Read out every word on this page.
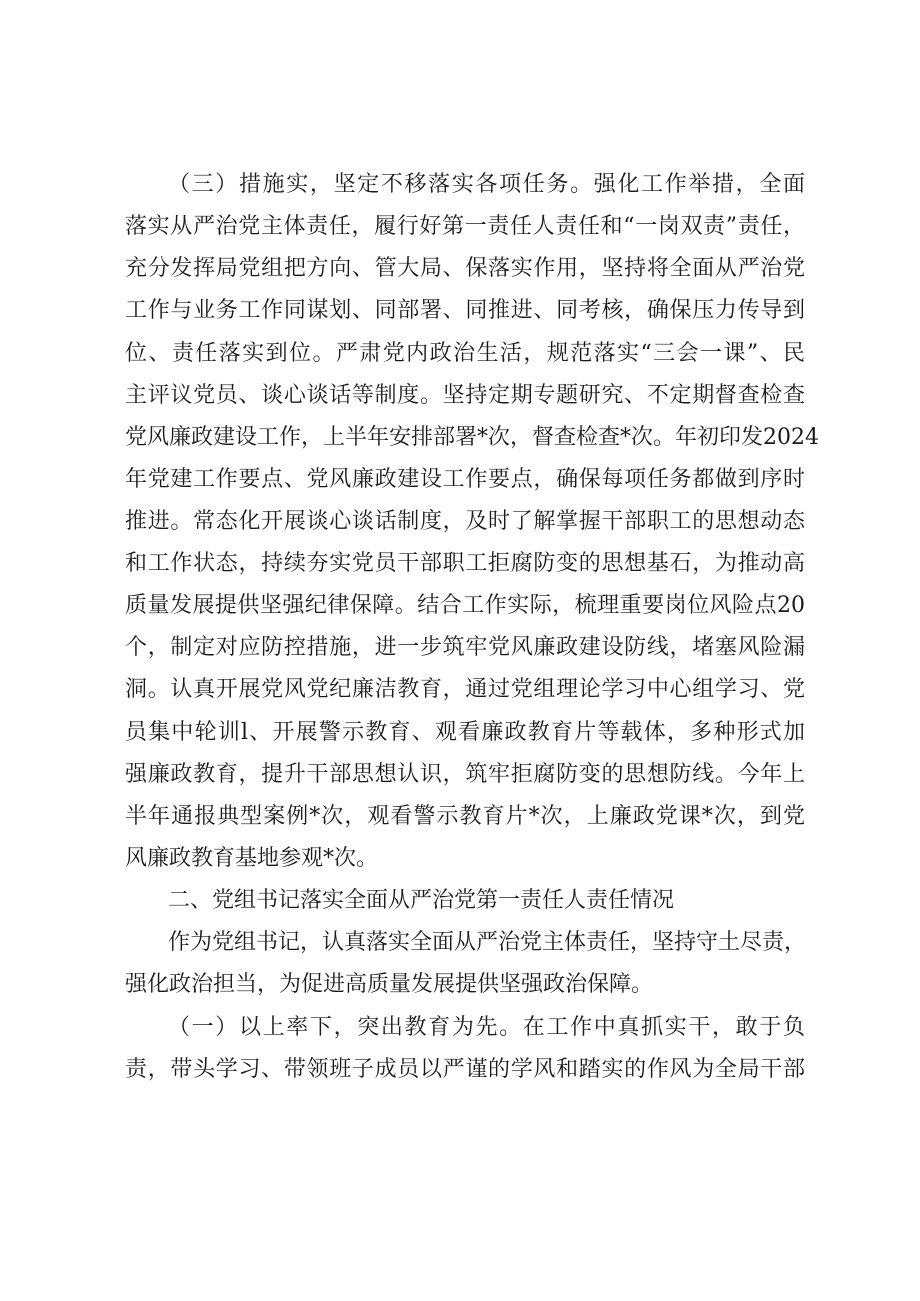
（三）措施实，坚定不移落实各项任务。强化工作举措，全面
落实从严治党主体责任，履行好第一责任人责任和“一岗双责”责任，
充分发挥局党组把方向、管大局、保落实作用，坚持将全面从严治党
工作与业务工作同谋划、同部署、同推进、同考核，确保压力传导到
位、责任落实到位。严肃党内政治生活，规范落实“三会一课”、民
主评议党员、谈心谈话等制度。坚持定期专题研究、不定期督查检查
党风廉政建设工作，上半年安排部署*次，督查检查*次。年初印发2024
年党建工作要点、党风廉政建设工作要点，确保每项任务都做到序时
推进。常态化开展谈心谈话制度，及时了解掌握干部职工的思想动态
和工作状态，持续夯实党员干部职工拒腐防变的思想基石，为推动高
质量发展提供坚强纪律保障。结合工作实际，梳理重要岗位风险点20
个，制定对应防控措施，进一步筑牢党风廉政建设防线，堵塞风险漏
洞。认真开展党风党纪廉洁教育，通过党组理论学习中心组学习、党
员集中轮训l、开展警示教育、观看廉政教育片等载体，多种形式加
强廉政教育，提升干部思想认识，筑牢拒腐防变的思想防线。今年上
半年通报典型案例*次，观看警示教育片*次，上廉政党课*次，到党
风廉政教育基地参观*次。
二、党组书记落实全面从严治党第一责任人责任情况
作为党组书记，认真落实全面从严治党主体责任，坚持守土尽责，
强化政治担当，为促进高质量发展提供坚强政治保障。
（一）以上率下，突出教育为先。在工作中真抓实干，敢于负
责，带头学习、带领班子成员以严谨的学风和踏实的作风为全局干部
